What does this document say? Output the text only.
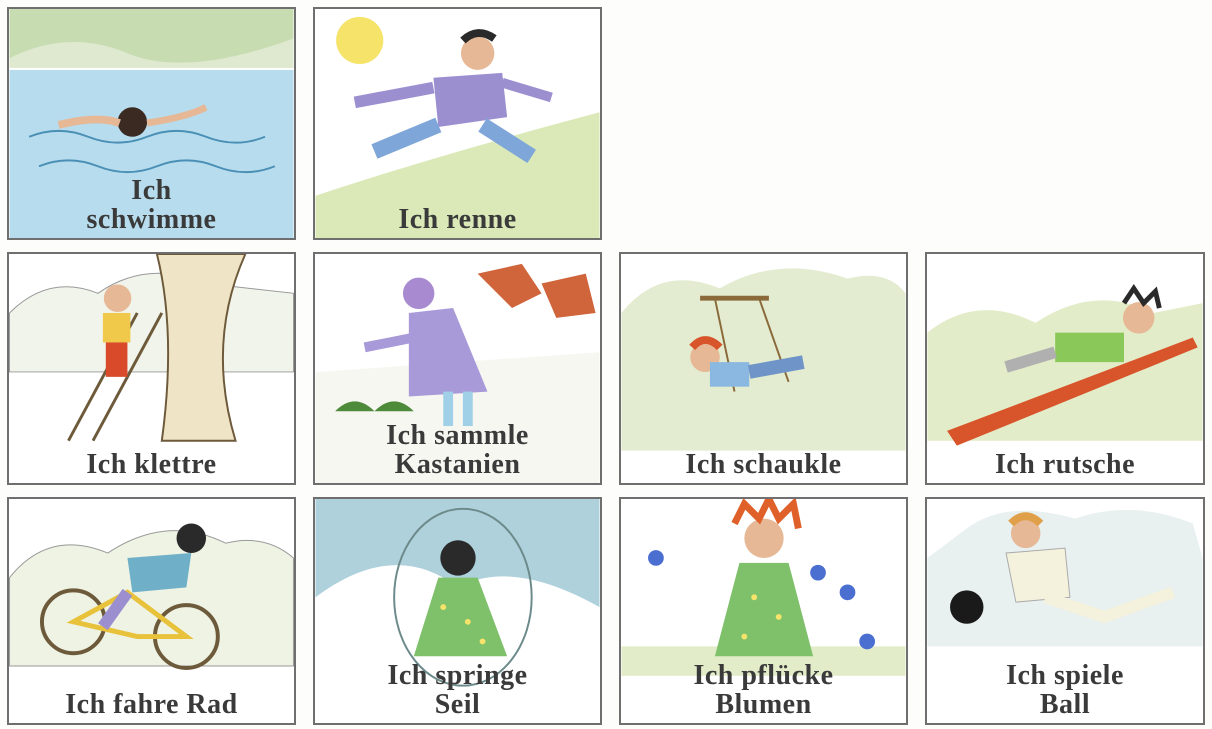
Ich
schwimme	Ich renne
Ich klettre
Ich sammle
Kastanien	Ich schaukle	Ich rutsche
Ich fahre Rad
Ich springe
Seil
Ich pflücke
Blumen
Ich spiele
Ball
